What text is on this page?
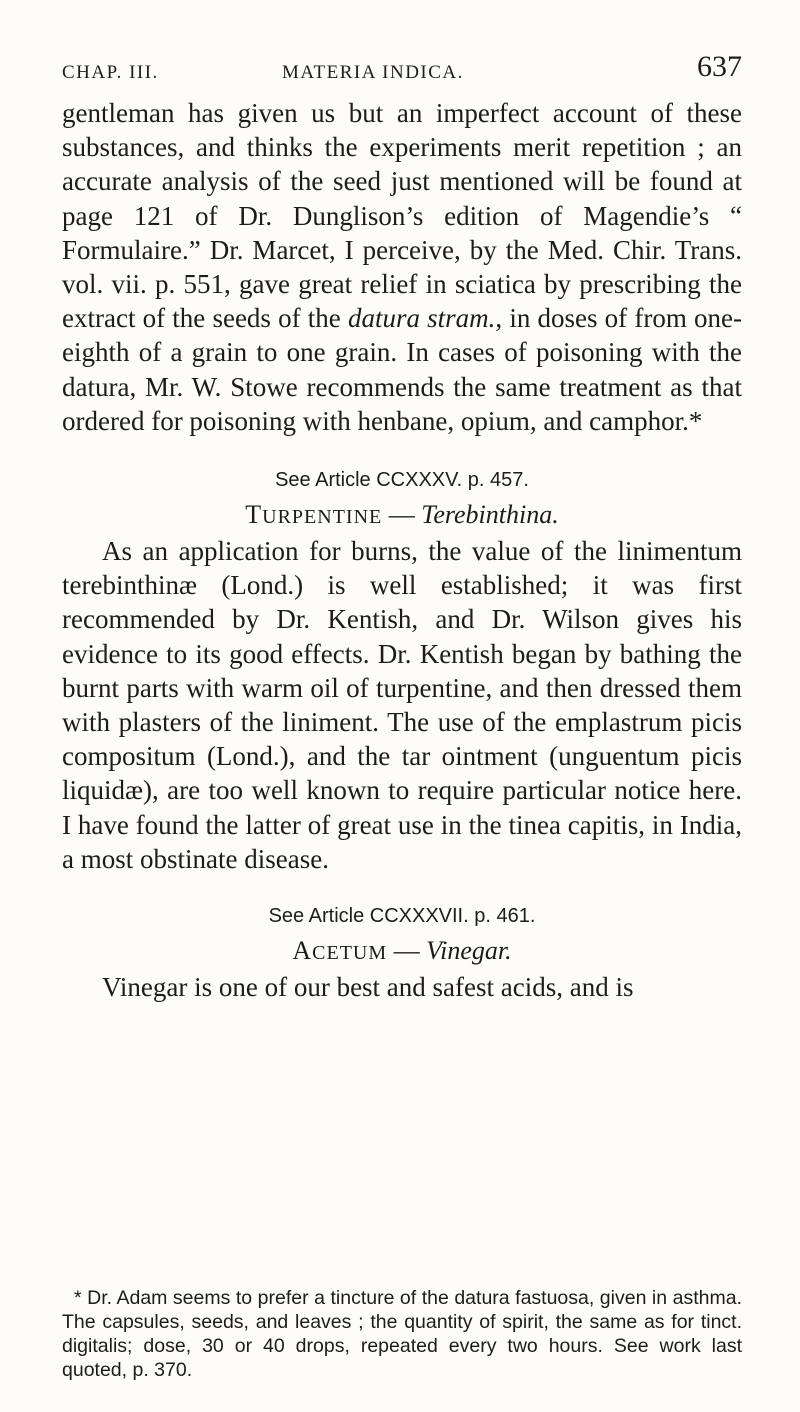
CHAP. III.	MATERIA INDICA.	637

gentleman has given us but an imperfect account of these substances, and thinks the experiments merit repetition ; an accurate analysis of the seed just mentioned will be found at page 121 of Dr. Dunglison’s edition of Magendie’s “ Formulaire.” Dr. Marcet, I perceive, by the Med. Chir. Trans. vol. vii. p. 551, gave great relief in sciatica by prescribing the extract of the seeds of the datura stram., in doses of from one-eighth of a grain to one grain. In cases of poisoning with the datura, Mr. W. Stowe recommends the same treatment as that ordered for poisoning with henbane, opium, and camphor.*

See Article CCXXXV. p. 457.

TURPENTINE — Terebinthina.

As an application for burns, the value of the linimentum terebinthinæ (Lond.) is well established; it was first recommended by Dr. Kentish, and Dr. Wilson gives his evidence to its good effects. Dr. Kentish began by bathing the burnt parts with warm oil of turpentine, and then dressed them with plasters of the liniment. The use of the emplastrum picis compositum (Lond.), and the tar ointment (unguentum picis liquidæ), are too well known to require particular notice here. I have found the latter of great use in the tinea capitis, in India, a most obstinate disease.

See Article CCXXXVII. p. 461.

ACETUM — Vinegar.

Vinegar is one of our best and safest acids, and is

* Dr. Adam seems to prefer a tincture of the datura fastuosa, given in asthma. The capsules, seeds, and leaves ; the quantity of spirit, the same as for tinct. digitalis; dose, 30 or 40 drops, repeated every two hours. See work last quoted, p. 370.
